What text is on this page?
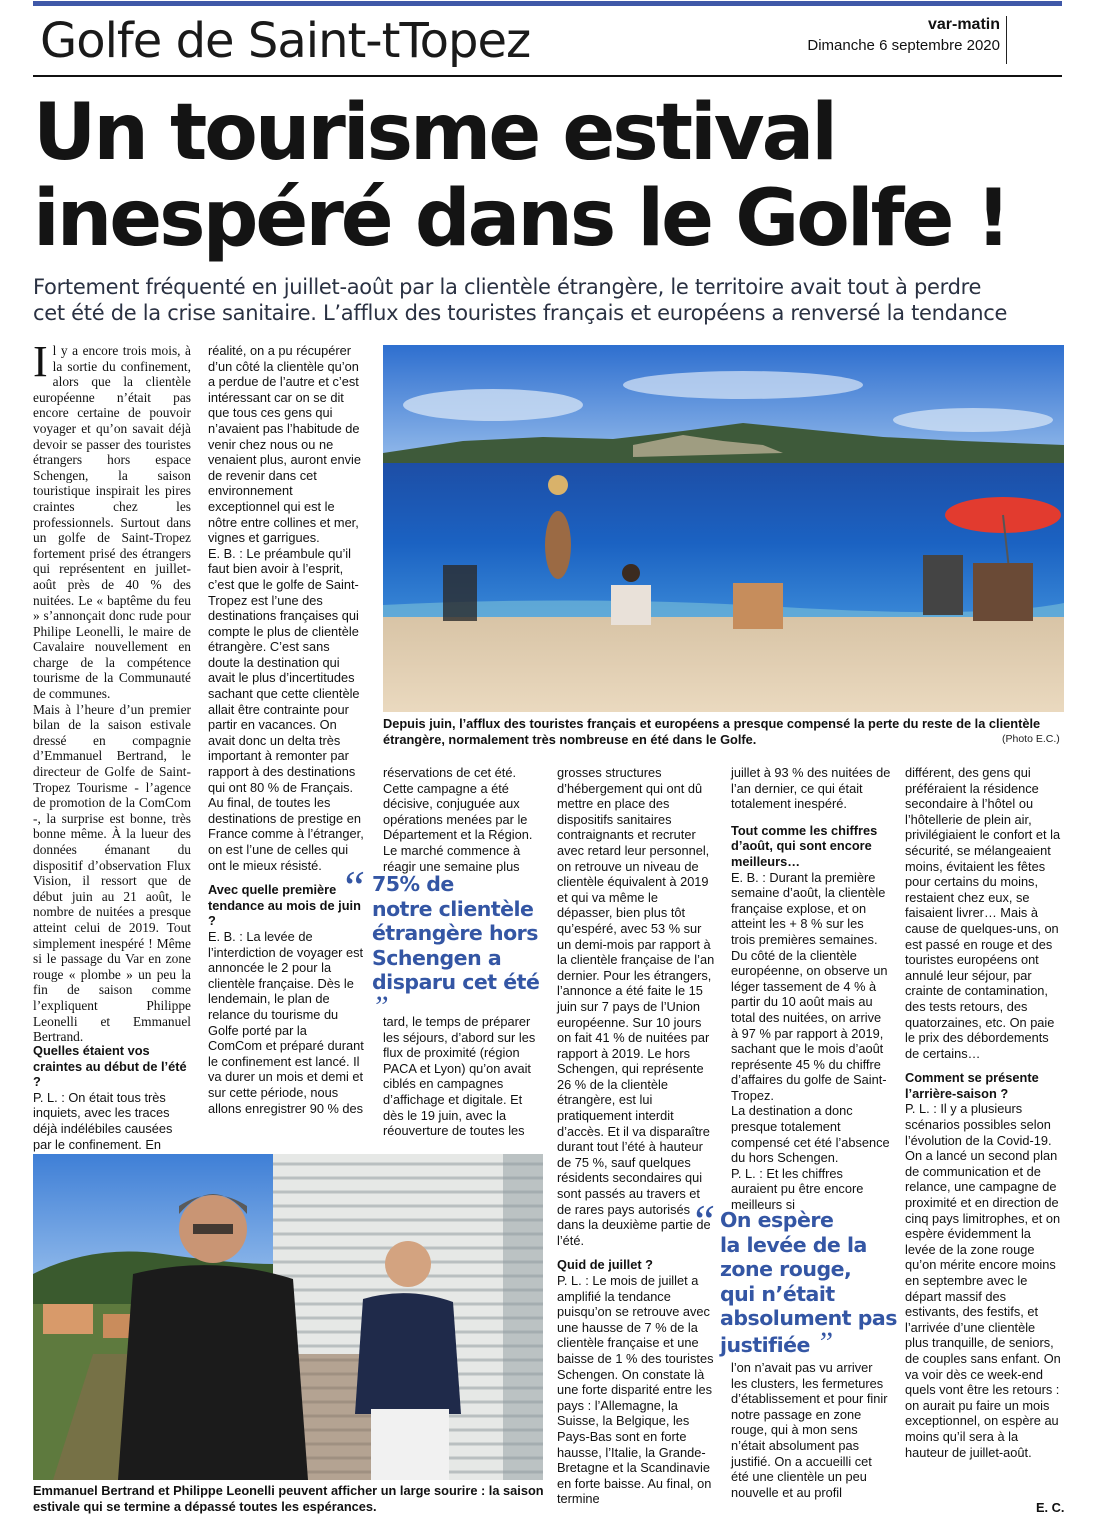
Golfe de Saint-tTopez	var-matin
Dimanche 6 septembre 2020
Un tourisme estival
inespéré dans le Golfe !
Fortement fréquenté en juillet-août par la clientèle étrangère, le territoire avait tout à perdre
cet été de la crise sanitaire. L’afflux des touristes français et européens a renversé la tendance

Il y a encore trois mois, à la sortie du confinement, alors que la clientèle européenne n’était pas encore certaine de pouvoir voyager et qu’on savait déjà devoir se passer des touristes étrangers hors espace Schengen, la saison touristique inspirait les pires craintes chez les professionnels. Surtout dans un golfe de Saint-Tropez fortement prisé des étrangers qui représentent en juillet-août près de 40 % des nuitées. Le « baptême du feu » s’annonçait donc rude pour Philipe Leonelli, le maire de Cavalaire nouvellement en charge de la compétence tourisme de la Communauté de communes.

Mais à l’heure d’un premier bilan de la saison estivale dressé en compagnie d’Emmanuel Bertrand, le directeur de Golfe de Saint-Tropez Tourisme - l’agence de promotion de la ComCom -, la surprise est bonne, très bonne même. À la lueur des données émanant du dispositif d’observation Flux Vision, il ressort que de début juin au 21 août, le nombre de nuitées a presque atteint celui de 2019. Tout simplement inespéré ! Même si le passage du Var en zone rouge « plombe » un peu la fin de saison comme l’expliquent Philippe Leonelli et Emmanuel Bertrand.

Quelles étaient vos craintes au début de l’été ?

P. L. : On était tous très inquiets, avec les traces déjà indélébiles causées par le confinement. En

réalité, on a pu récupérer d’un côté la clientèle qu’on a perdue de l’autre et c’est intéressant car on se dit que tous ces gens qui n’avaient pas l’habitude de venir chez nous ou ne venaient plus, auront envie de revenir dans cet environnement exceptionnel qui est le nôtre entre collines et mer, vignes et garrigues.

E. B. : Le préambule qu’il faut bien avoir à l’esprit, c’est que le golfe de Saint-Tropez est l’une des destinations françaises qui compte le plus de clientèle étrangère. C’est sans doute la destination qui avait le plus d’incertitudes sachant que cette clientèle allait être contrainte pour partir en vacances. On avait donc un delta très important à remonter par rapport à des destinations qui ont 80 % de Français. Au final, de toutes les destinations de prestige en France comme à l’étranger, on est l’une de celles qui ont le mieux résisté.

Avec quelle première tendance au mois de juin ?

E. B. : La levée de l’interdiction de voyager est annoncée le 2 pour la clientèle française. Dès le lendemain, le plan de relance du tourisme du Golfe porté par la ComCom et préparé durant le confinement est lancé. Il va durer un mois et demi et sur cette période, nous allons enregistrer 90 % des

Depuis juin, l’afflux des touristes français et européens a presque compensé la perte du reste de la clientèle étrangère, normalement très nombreuse en été dans le Golfe.	(Photo E.C.)
réservations de cet été. Cette campagne a été décisive, conjuguée aux opérations menées par le Département et la Région. Le marché commence à réagir une semaine plus
“ 75% de
notre clientèle
étrangère hors
Schengen a
disparu cet été ”
tard, le temps de préparer les séjours, d’abord sur les flux de proximité (région PACA et Lyon) qu’on avait ciblés en campagnes d’affichage et digitale. Et dès le 19 juin, avec la réouverture de toutes les

grosses structures d’hébergement qui ont dû mettre en place des dispositifs sanitaires contraignants et recruter avec retard leur personnel, on retrouve un niveau de clientèle équivalent à 2019 et qui va même le dépasser, bien plus tôt qu’espéré, avec 53 % sur un demi-mois par rapport à la clientèle française de l’an dernier. Pour les étrangers, l’annonce a été faite le 15 juin sur 7 pays de l’Union européenne. Sur 10 jours on fait 41 % de nuitées par rapport à 2019. Le hors Schengen, qui représente 26 % de la clientèle étrangère, est lui pratiquement interdit d’accès. Et il va disparaître durant tout l’été à hauteur de 75 %, sauf quelques résidents secondaires qui sont passés au travers et de rares pays autorisés dans la deuxième partie de l’été.

Quid de juillet ?

P. L. : Le mois de juillet a amplifié la tendance puisqu’on se retrouve avec une hausse de 7 % de la clientèle française et une baisse de 1 % des touristes Schengen. On constate là une forte disparité entre les pays : l’Allemagne, la Suisse, la Belgique, les Pays-Bas sont en forte hausse, l’Italie, la Grande-Bretagne et la Scandinavie en forte baisse. Au final, on termine

juillet à 93 % des nuitées de l’an dernier, ce qui était totalement inespéré.

Tout comme les chiffres d’août, qui sont encore meilleurs…

E. B. : Durant la première semaine d’août, la clientèle française explose, et on atteint les + 8 % sur les trois premières semaines. Du côté de la clientèle européenne, on observe un léger tassement de 4 % à partir du 10 août mais au total des nuitées, on arrive à 97 % par rapport à 2019, sachant que le mois d’août représente 45 % du chiffre d’affaires du golfe de Saint-Tropez.

La destination a donc presque totalement compensé cet été l’absence du hors Schengen.

P. L. : Et les chiffres auraient pu être encore meilleurs si

“ On espère
la levée de la
zone rouge,
qui n’était
absolument pas
justifiée ”
l’on n’avait pas vu arriver les clusters, les fermetures d’établissement et pour finir notre passage en zone rouge, qui à mon sens n’était absolument pas justifié. On a accueilli cet été une clientèle un peu nouvelle et au profil

différent, des gens qui préféraient la résidence secondaire à l’hôtel ou l’hôtellerie de plein air, privilégiaient le confort et la sécurité, se mélangeaient moins, évitaient les fêtes pour certains du moins, restaient chez eux, se faisaient livrer… Mais à cause de quelques-uns, on est passé en rouge et des touristes européens ont annulé leur séjour, par crainte de contamination, des tests retours, des quatorzaines, etc. On paie le prix des débordements de certains…

Comment se présente l’arrière-saison ?

P. L. : Il y a plusieurs scénarios possibles selon l’évolution de la Covid-19. On a lancé un second plan de communication et de relance, une campagne de proximité et en direction de cinq pays limitrophes, et on espère évidemment la levée de la zone rouge qu’on mérite encore moins en septembre avec le départ massif des estivants, des festifs, et l’arrivée d’une clientèle plus tranquille, de seniors, de couples sans enfant. On va voir dès ce week-end quels vont être les retours : on aurait pu faire un mois exceptionnel, on espère au moins qu’il sera à la hauteur de juillet-août.

E. C.
Emmanuel Bertrand et Philippe Leonelli peuvent afficher un large sourire : la saison estivale qui se termine a dépassé toutes les espérances.
